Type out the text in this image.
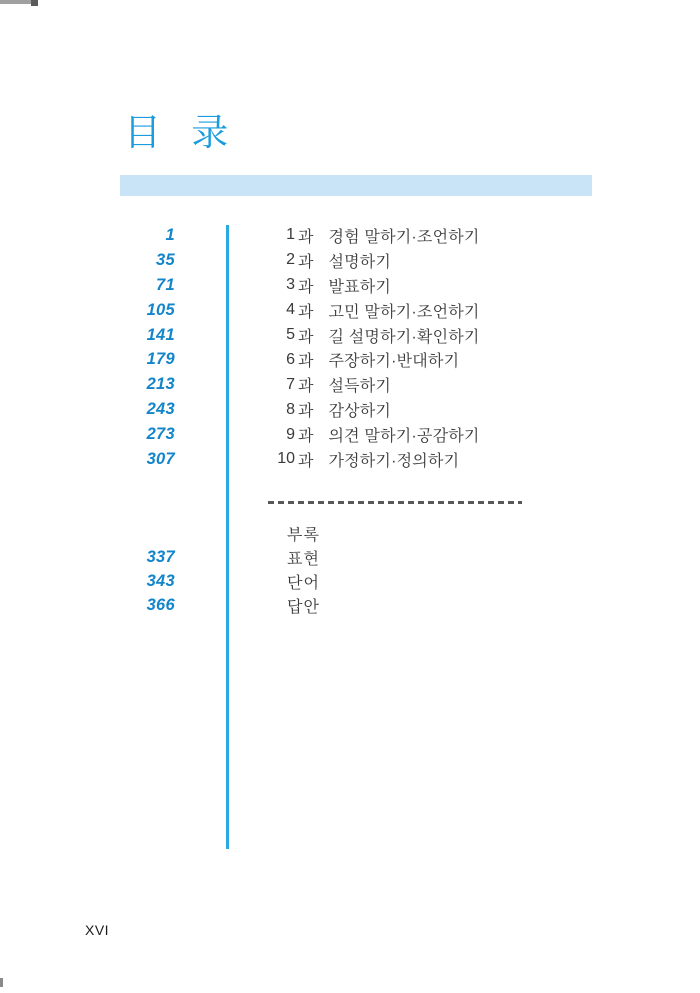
目 录
1	1 과 경험 말하기·조언하기
35	2 과 설명하기
71	3 과 발표하기
105	4 과 고민 말하기·조언하기
141	5 과 길 설명하기·확인하기
179	6 과 주장하기·반대하기
213	7 과 설득하기
243	8 과 감상하기
273	9 과 의견 말하기·공감하기
307	10 과 가정하기·정의하기
부록
337	표현
343	단어
366	답안
XVI
